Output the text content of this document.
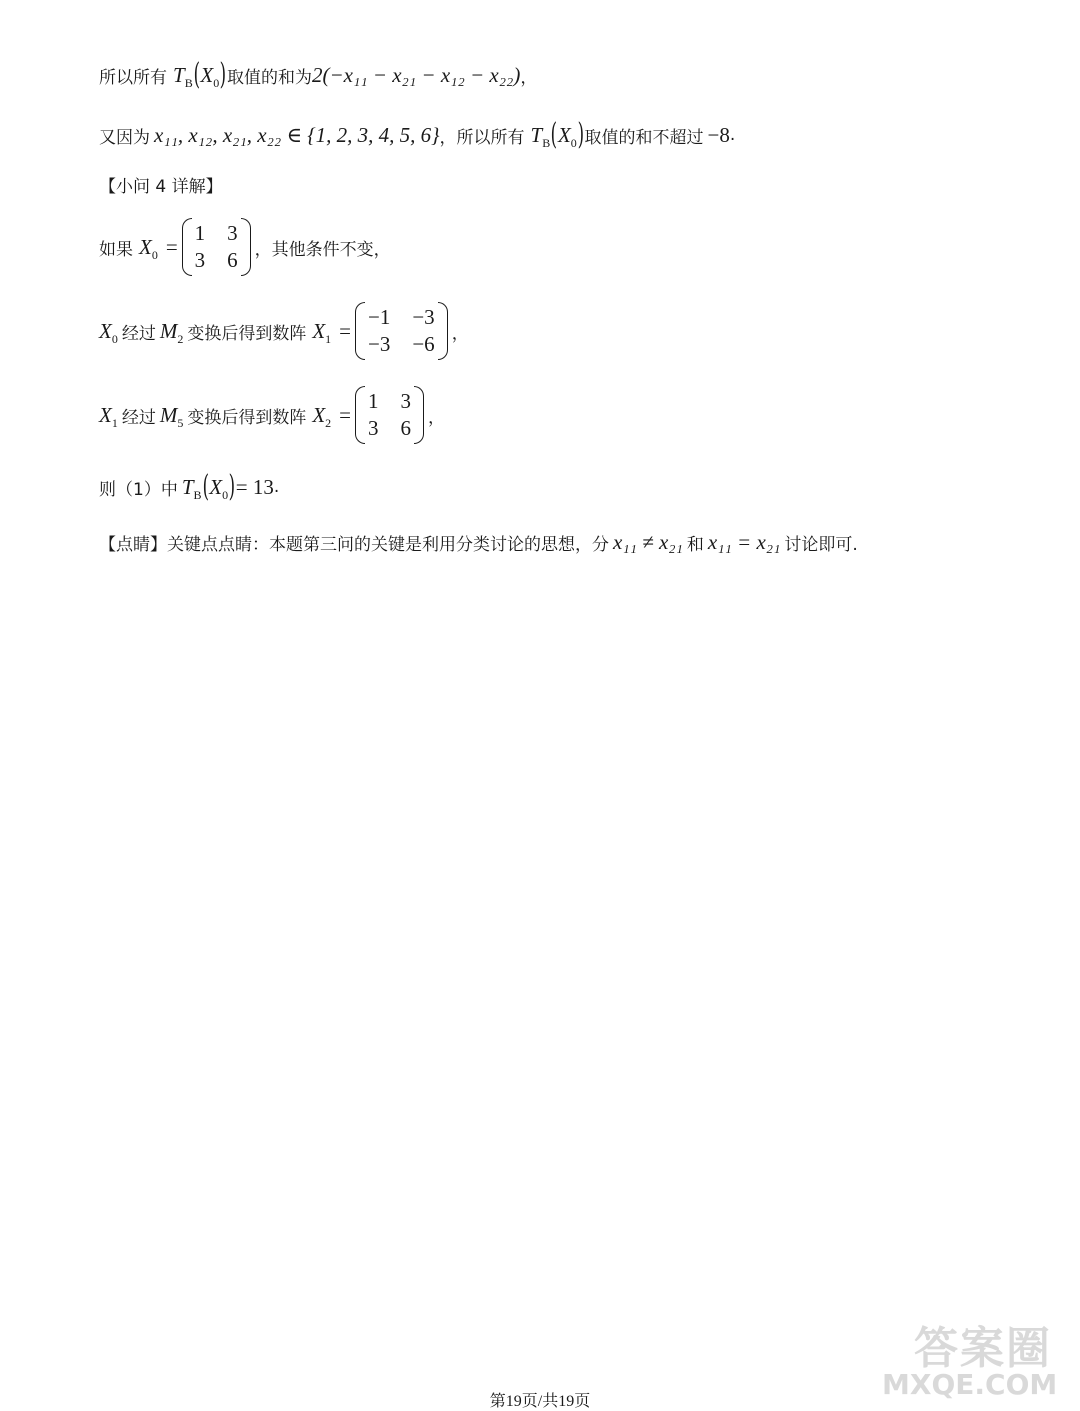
所以所有 $T_B$ ( $X_0$ ) 取值的和为 2(−x₁₁ − x₂₁ − x₁₂ − x₂₂) ，
又因为 x₁₁, x₁₂, x₂₁, x₂₂ ∈ {1, 2, 3, 4, 5, 6} ，所以所有 $T_B$ ( $X_0$ ) 取值的和不超过 −8 .
【小问 4 详解】
如果 $X_0$ =
1 3
3 6 ，其他条件不变，
$X_0$ 经过 $M_2$ 变换后得到数阵 $X_1$ =
−1 −3
−3 −6 ，
$X_1$ 经过 $M_5$ 变换后得到数阵 $X_2$ =
1 3
3 6 ，
则（1）中 $T_B$ ( $X_0$ ) = 13 .
【点睛】 关键点点睛：本题第三问的关键是利用分类讨论的思想，分 x₁₁ ≠ x₂₁ 和 x₁₁ = x₂₁ 讨论即可.
答案圈
MXQE.COM
第19页/共19页
